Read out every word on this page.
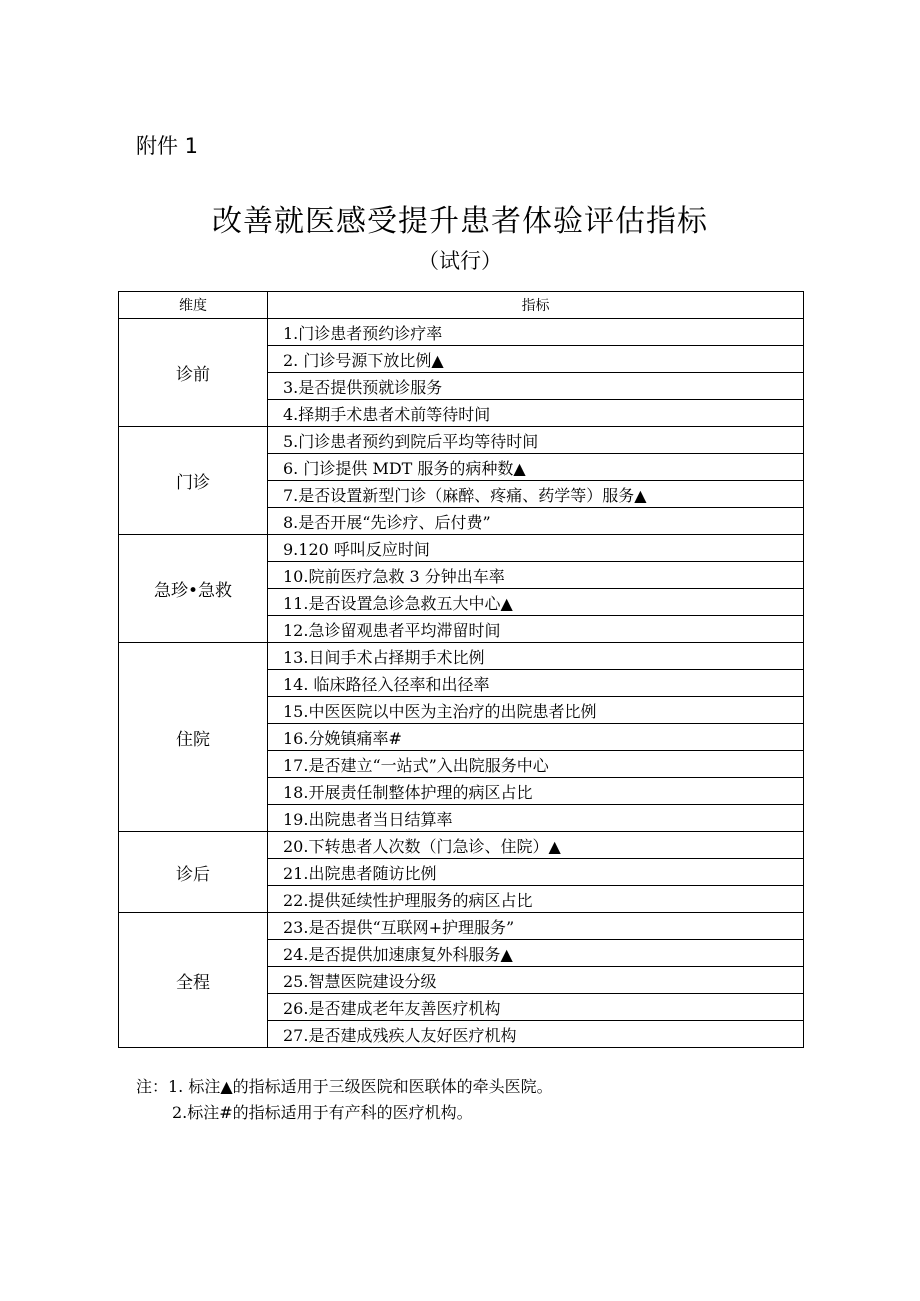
附件 1
改善就医感受提升患者体验评估指标
（试行）
维度	指标
诊前	1.门诊患者预约诊疗率
	2. 门诊号源下放比例▲
	3.是否提供预就诊服务
	4.择期手术患者术前等待时间
门诊	5.门诊患者预约到院后平均等待时间
	6. 门诊提供 MDT 服务的病种数▲
	7.是否设置新型门诊（麻醉、疼痛、药学等）服务▲
	8.是否开展“先诊疗、后付费”
急珍•急救	9.120 呼叫反应时间
	10.院前医疗急救 3 分钟出车率
	11.是否设置急诊急救五大中心▲
	12.急诊留观患者平均滞留时间
住院	13.日间手术占择期手术比例
	14. 临床路径入径率和出径率
	15.中医医院以中医为主治疗的出院患者比例
	16.分娩镇痛率#
	17.是否建立“一站式”入出院服务中心
	18.开展责任制整体护理的病区占比
	19.出院患者当日结算率
诊后	20.下转患者人次数（门急诊、住院）▲
	21.出院患者随访比例
	22.提供延续性护理服务的病区占比
全程	23.是否提供“互联网+护理服务”
	24.是否提供加速康复外科服务▲
	25.智慧医院建设分级
	26.是否建成老年友善医疗机构
	27.是否建成残疾人友好医疗机构
注：1. 标注▲的指标适用于三级医院和医联体的牵头医院。
2.标注#的指标适用于有产科的医疗机构。
